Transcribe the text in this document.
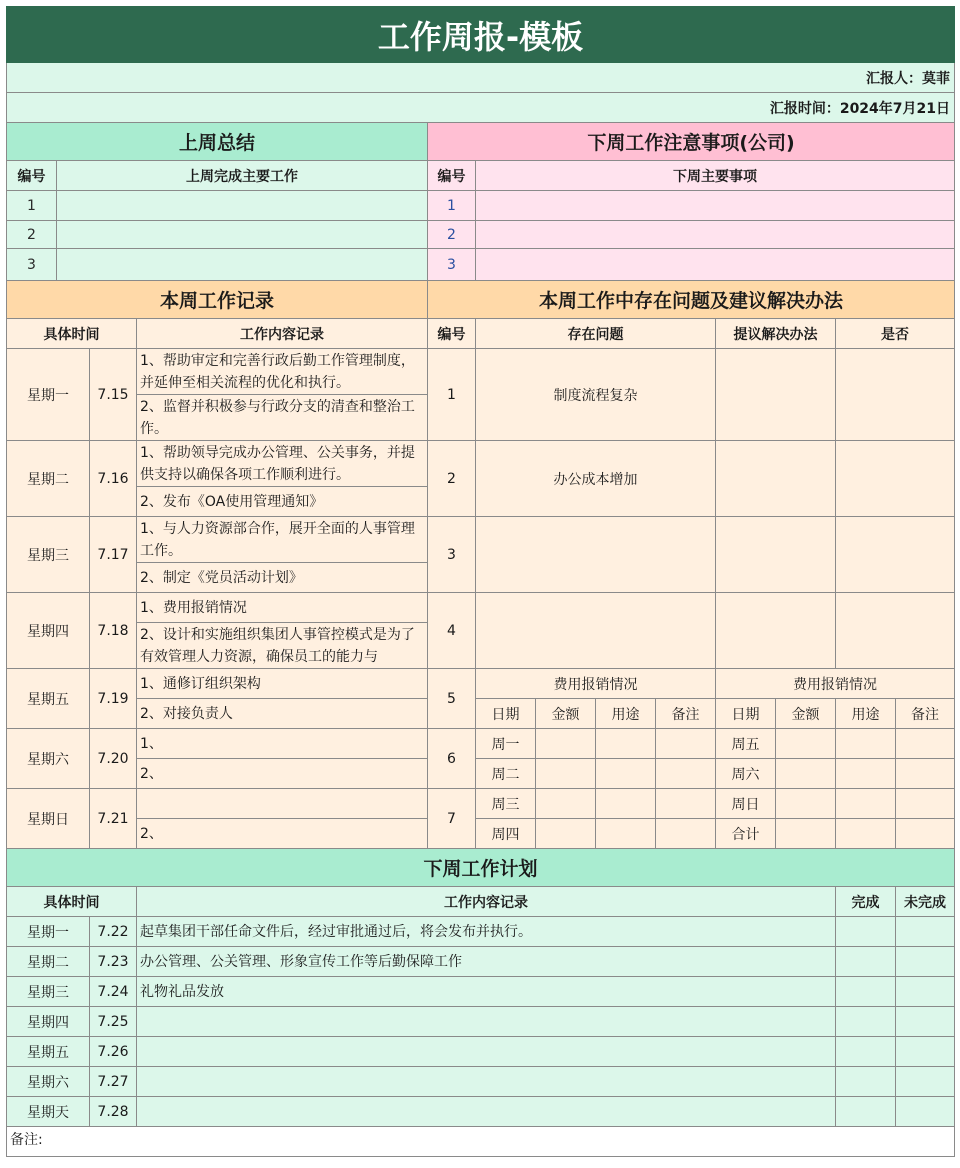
工作周报-模板												
汇报人：莫菲												
汇报时间：2024年7月21日												
上周总结				下周工作注意事项(公司)								
编号	上周完成主要工作			编号	下周主要事项							
1				1								
2				2								
3				3								
本周工作记录				本周工作中存在问题及建议解决办法								
具体时间			工作内容记录	编号	存在问题				提议解决办法		是否	
星期一		7.15	1、帮助审定和完善行政后勤工作管理制度，并延伸至相关流程的优化和执行。	1	制度流程复杂							
			2、监督并积极参与行政分支的清查和整治工作。									
星期二		7.16	1、帮助领导完成办公管理、公关事务，并提供支持以确保各项工作顺利进行。	2	办公成本增加							
			2、发布《OA使用管理通知》									
星期三		7.17	1、与人力资源部合作，展开全面的人事管理工作。	3								
			2、制定《党员活动计划》									
星期四		7.18	1、费用报销情况	4								
			2、设计和实施组织集团人事管控模式是为了有效管理人力资源，确保员工的能力与									
星期五		7.19	1、通修订组织架构	5	费用报销情况				费用报销情况			
			2、对接负责人		日期	金额	用途	备注	日期	金额	用途	备注
星期六		7.20	1、	6	周一				周五			
			2、		周二				周六			
星期日		7.21		7	周三				周日			
			2、		周四				合计			
下周工作计划												
具体时间			工作内容记录								完成	未完成
星期一		7.22	起草集团干部任命文件后，经过审批通过后，将会发布并执行。									
星期二		7.23	办公管理、公关管理、形象宣传工作等后勤保障工作									
星期三		7.24	礼物礼品发放									
星期四		7.25										
星期五		7.26										
星期六		7.27										
星期天		7.28										
备注:												
